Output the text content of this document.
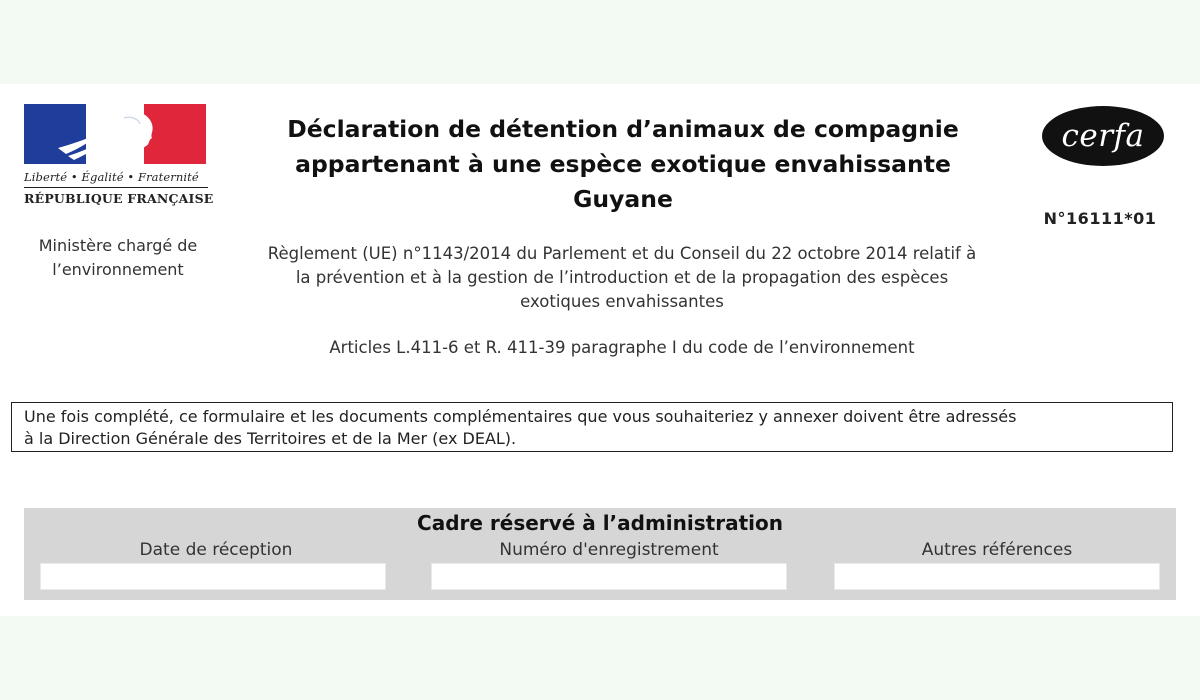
Liberté • Égalité • Fraternité
RÉPUBLIQUE FRANÇAISE
Ministère chargé de
l’environnement
Déclaration de détention d’animaux de compagnie
appartenant à une espèce exotique envahissante
Guyane
cerfa
N°16111*01
Règlement (UE) n°1143/2014 du Parlement et du Conseil du 22 octobre 2014 relatif à
la prévention et à la gestion de l’introduction et de la propagation des espèces
exotiques envahissantes
Articles L.411-6 et R. 411-39 paragraphe I du code de l’environnement
Une fois complété, ce formulaire et les documents complémentaires que vous souhaiteriez y annexer doivent être adressés
à la Direction Générale des Territoires et de la Mer (ex DEAL).
Cadre réservé à l’administration
Date de réception	Numéro d'enregistrement	Autres références
